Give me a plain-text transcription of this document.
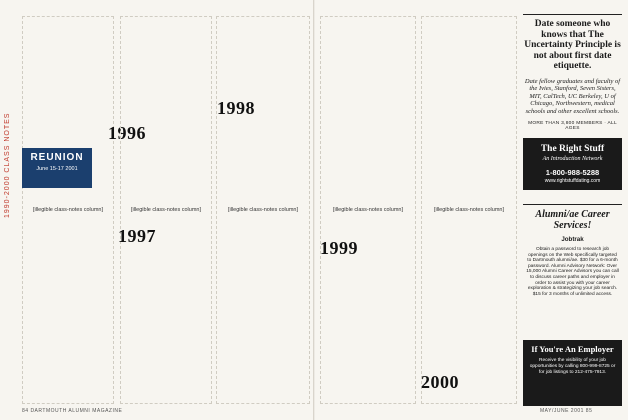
1990-2000 CLASS NOTES	[illegible class-notes column]
REUNION
June 15-17 2001
1996
[illegible class-notes column]
1997
[illegible class-notes column]
1998
84 DARTMOUTH ALUMNI MAGAZINE
[illegible class-notes column]
1999
[illegible class-notes column]
2000
Date someone who knows that The Uncertainty Principle is not about first date etiquette.
Date fellow graduates and faculty of the Ivies, Stanford, Seven Sisters, MIT, CalTech, UC Berkeley, U of Chicago, Northwestern, medical schools and other excellent schools.
MORE THAN 3,800 MEMBERS · ALL AGES
The Right Stuff
An Introduction Network
1-800-988-5288
www.rightstuffdating.com
Alumni/ae Career Services!
Jobtrak
Obtain a password to research job openings on the Web specifically targeted to Dartmouth alumni/ae. $30 for a 6-month password. Alumni Advisory Network: Over 15,000 Alumni Career Advisors you can call to discuss career paths and employer in order to assist you with your career exploration & strategizing your job search. $15 for 3 months of unlimited access.
If You're An Employer
Receive the visibility of your job opportunities by calling 800-999-8725 or for job listings to 212-475-7913.
MAY/JUNE 2001 85
